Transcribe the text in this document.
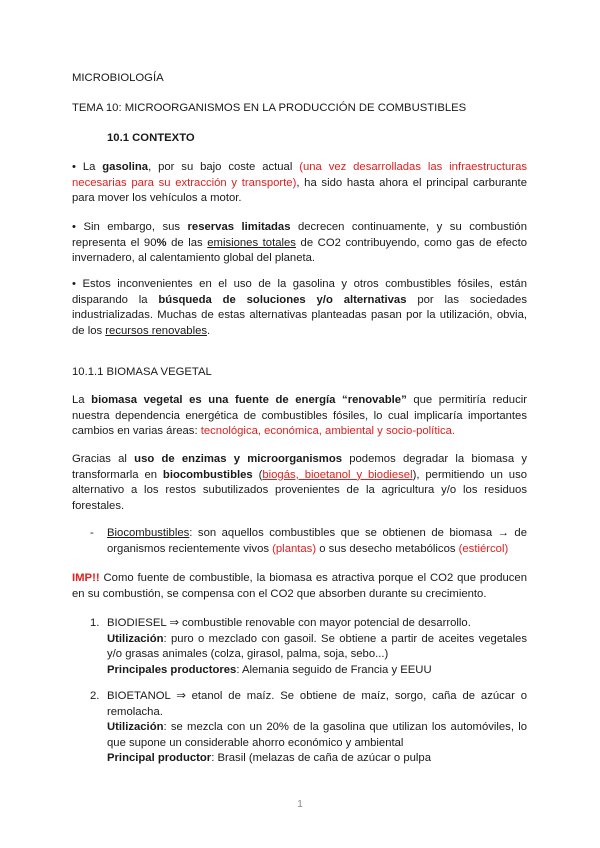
MICROBIOLOGÍA
TEMA 10: MICROORGANISMOS EN LA PRODUCCIÓN DE COMBUSTIBLES
10.1 CONTEXTO
• La gasolina, por su bajo coste actual (una vez desarrolladas las infraestructuras necesarias para su extracción y transporte), ha sido hasta ahora el principal carburante para mover los vehículos a motor.
• Sin embargo, sus reservas limitadas decrecen continuamente, y su combustión representa el 90% de las emisiones totales de CO2 contribuyendo, como gas de efecto invernadero, al calentamiento global del planeta.
• Estos inconvenientes en el uso de la gasolina y otros combustibles fósiles, están disparando la búsqueda de soluciones y/o alternativas por las sociedades industrializadas. Muchas de estas alternativas planteadas pasan por la utilización, obvia, de los recursos renovables.
10.1.1 BIOMASA VEGETAL
La biomasa vegetal es una fuente de energía “renovable” que permitiría reducir nuestra dependencia energética de combustibles fósiles, lo cual implicaría importantes cambios en varias áreas: tecnológica, económica, ambiental y socio-política.
Gracias al uso de enzimas y microorganismos podemos degradar la biomasa y transformarla en biocombustibles (biogás, bioetanol y biodiesel), permitiendo un uso alternativo a los restos subutilizados provenientes de la agricultura y/o los residuos forestales.
- Biocombustibles: son aquellos combustibles que se obtienen de biomasa → de organismos recientemente vivos (plantas) o sus desecho metabólicos (estiércol)
IMP!! Como fuente de combustible, la biomasa es atractiva porque el CO2 que producen en su combustión, se compensa con el CO2 que absorben durante su crecimiento.
1. BIODIESEL ⇒ combustible renovable con mayor potencial de desarrollo.
Utilización: puro o mezclado con gasoil. Se obtiene a partir de aceites vegetales y/o grasas animales (colza, girasol, palma, soja, sebo...)
Principales productores: Alemania seguido de Francia y EEUU
2. BIOETANOL ⇒ etanol de maíz. Se obtiene de maíz, sorgo, caña de azúcar o remolacha.
Utilización: se mezcla con un 20% de la gasolina que utilizan los automóviles, lo que supone un considerable ahorro económico y ambiental
Principal productor: Brasil (melazas de caña de azúcar o pulpa
1
